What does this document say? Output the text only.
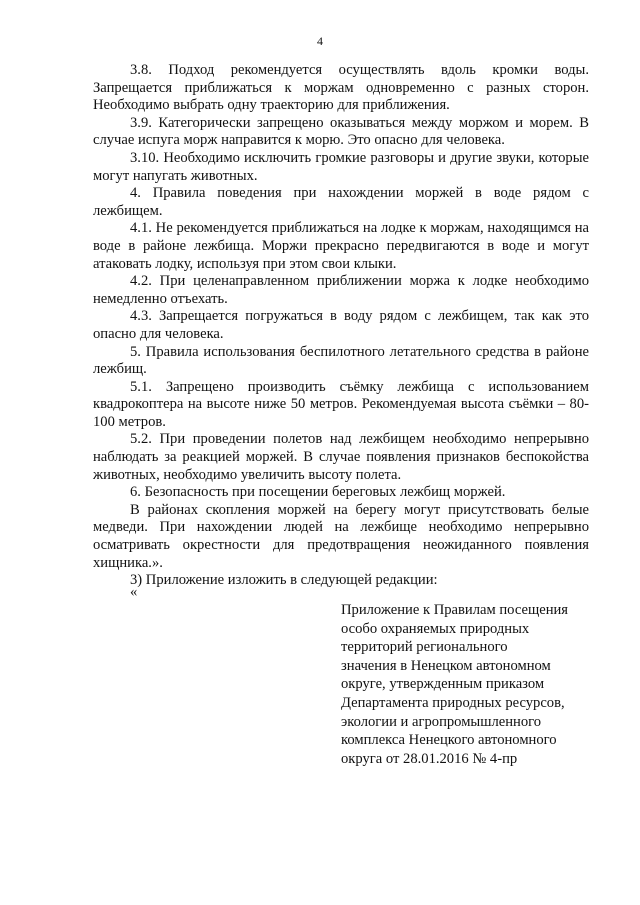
4

3.8. Подход рекомендуется осуществлять вдоль кромки воды. Запрещается приближаться к моржам одновременно с разных сторон. Необходимо выбрать одну траекторию для приближения.

3.9. Категорически запрещено оказываться между моржом и морем. В случае испуга морж направится к морю. Это опасно для человека.

3.10. Необходимо исключить громкие разговоры и другие звуки, которые могут напугать животных.

4. Правила поведения при нахождении моржей в воде рядом с лежбищем.

4.1. Не рекомендуется приближаться на лодке к моржам, находящимся на воде в районе лежбища. Моржи прекрасно передвигаются в воде и могут атаковать лодку, используя при этом свои клыки.

4.2. При целенаправленном приближении моржа к лодке необходимо немедленно отъехать.

4.3. Запрещается погружаться в воду рядом с лежбищем, так как это опасно для человека.

5. Правила использования беспилотного летательного средства в районе лежбищ.

5.1. Запрещено производить съёмку лежбища с использованием квадрокоптера на высоте ниже 50 метров. Рекомендуемая высота съёмки – 80-100 метров.

5.2. При проведении полетов над лежбищем необходимо непрерывно наблюдать за реакцией моржей. В случае появления признаков беспокойства животных, необходимо увеличить высоту полета.

6. Безопасность при посещении береговых лежбищ моржей.

В районах скопления моржей на берегу могут присутствовать белые медведи. При нахождении людей на лежбище необходимо непрерывно осматривать окрестности для предотвращения неожиданного появления хищника.».

3) Приложение изложить в следующей редакции:

«
Приложение к Правилам посещения
особо охраняемых природных
территорий регионального
значения в Ненецком автономном
округе, утвержденным приказом
Департамента природных ресурсов,
экологии и агропромышленного
комплекса Ненецкого автономного
округа от 28.01.2016 № 4-пр
